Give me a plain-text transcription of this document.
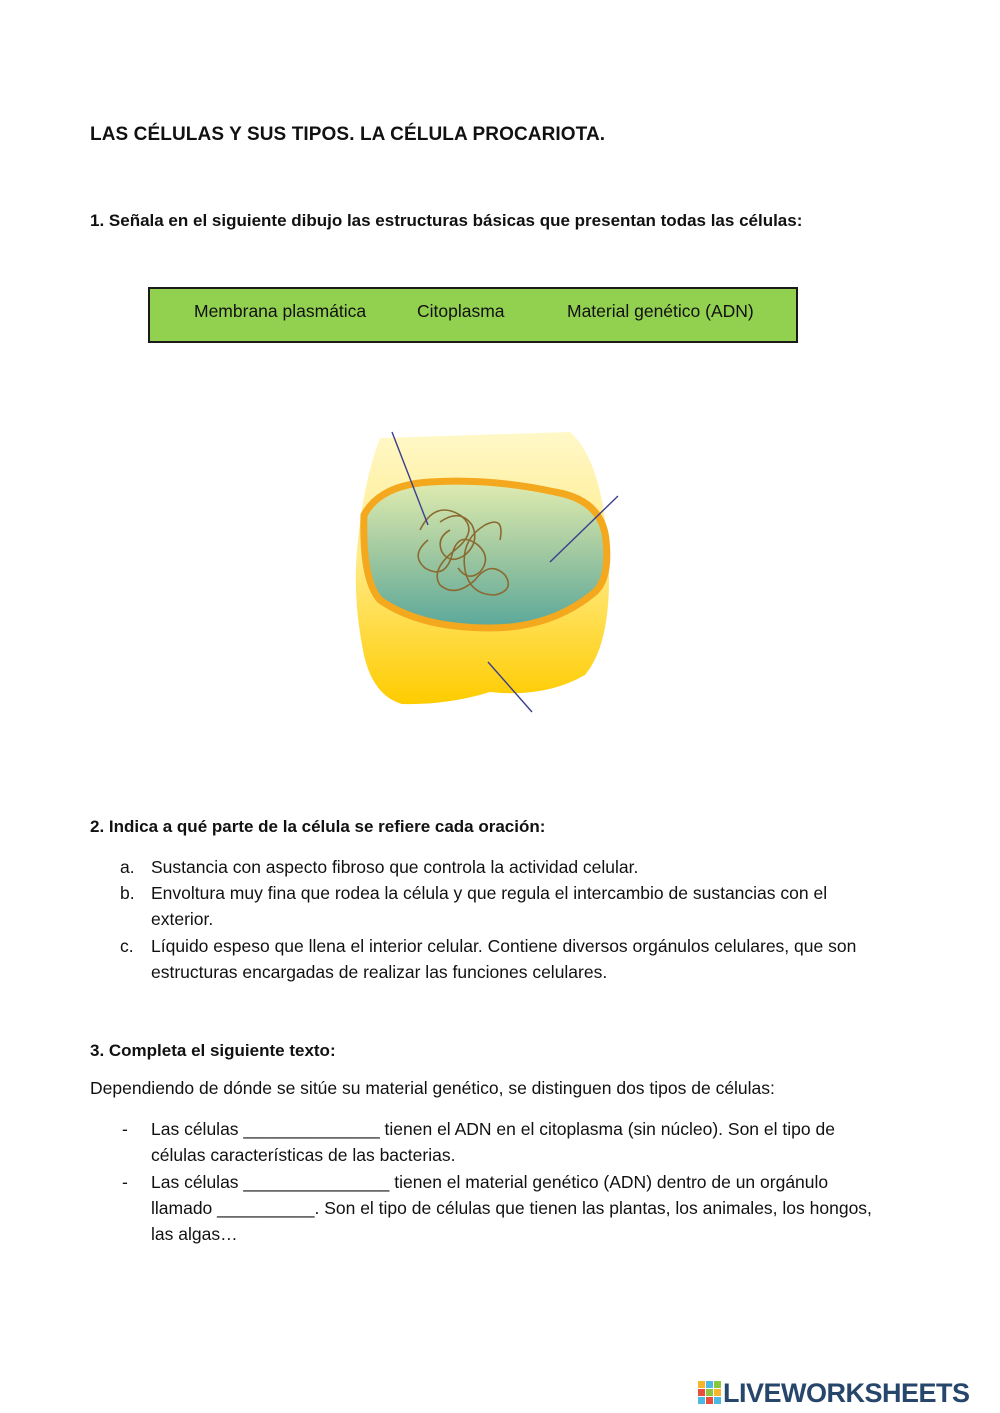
LAS CÉLULAS Y SUS TIPOS. LA CÉLULA PROCARIOTA.
1. Señala en el siguiente dibujo las estructuras básicas que presentan todas las células:
Membrana plasmática	Citoplasma	Material genético (ADN)
2. Indica a qué parte de la célula se refiere cada oración:
a. Sustancia con aspecto fibroso que controla la actividad celular.
b. Envoltura muy fina que rodea la célula y que regula el intercambio de sustancias con el
exterior.
c. Líquido espeso que llena el interior celular. Contiene diversos orgánulos celulares, que son
estructuras encargadas de realizar las funciones celulares.
3. Completa el siguiente texto:
Dependiendo de dónde se sitúe su material genético, se distinguen dos tipos de células:
- Las células ______________ tienen el ADN en el citoplasma (sin núcleo). Son el tipo de
células características de las bacterias.
- Las células _______________ tienen el material genético (ADN) dentro de un orgánulo
llamado __________. Son el tipo de células que tienen las plantas, los animales, los hongos,
las algas…
LIVEWORKSHEETS
